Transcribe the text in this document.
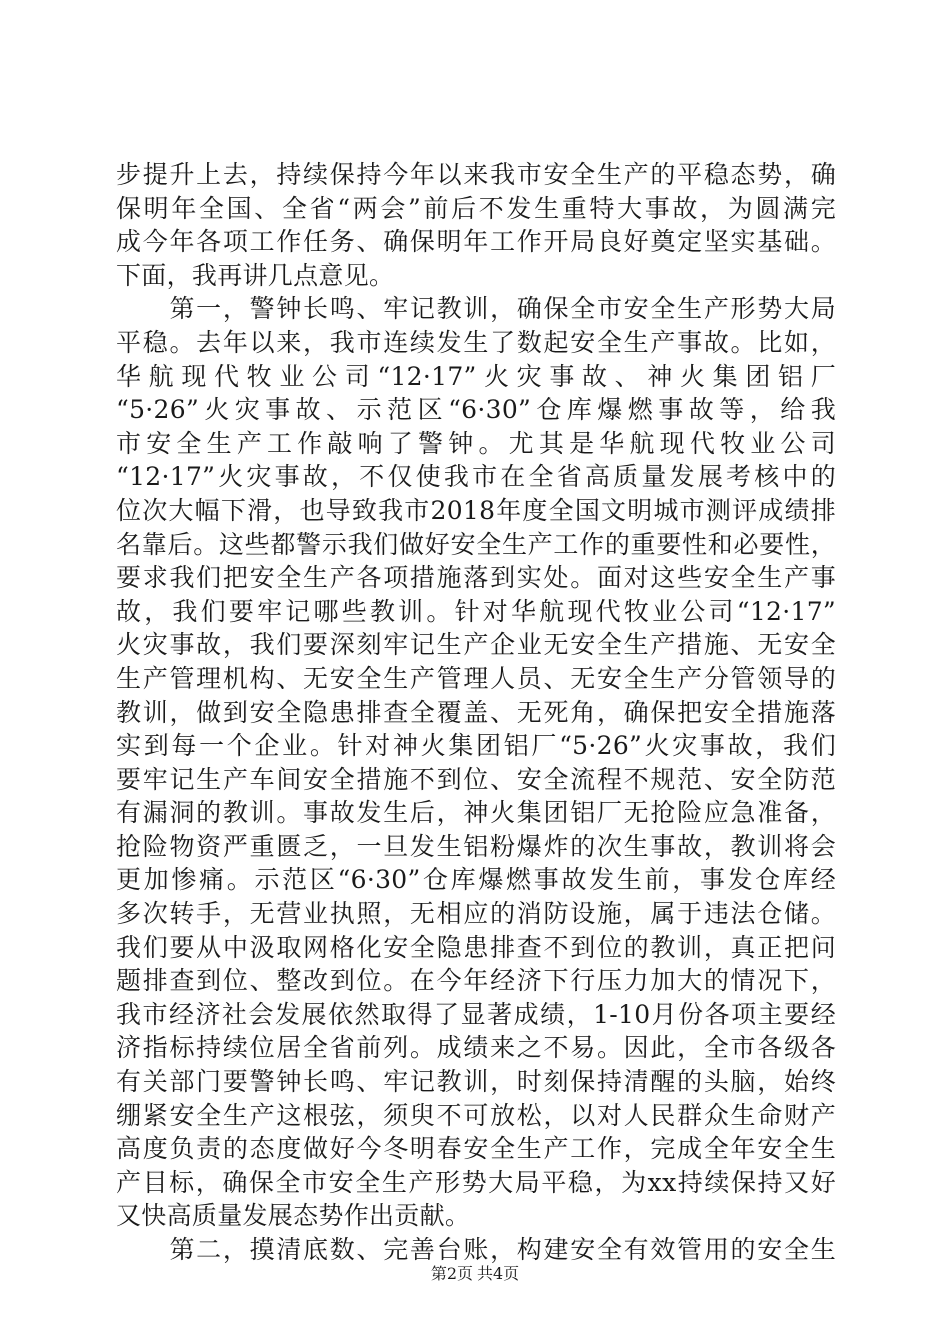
步提升上去，持续保持今年以来我市安全生产的平稳态势，确
保明年全国、全省“两会”前后不发生重特大事故，为圆满完
成今年各项工作任务、确保明年工作开局良好奠定坚实基础。
下面，我再讲几点意见。
　　第一，警钟长鸣、牢记教训，确保全市安全生产形势大局
平稳。去年以来，我市连续发生了数起安全生产事故。比如，
华航现代牧业公司“12·17”火灾事故、神火集团铝厂
“5·26”火灾事故、示范区“6·30”仓库爆燃事故等，给我
市安全生产工作敲响了警钟。尤其是华航现代牧业公司
“12·17”火灾事故，不仅使我市在全省高质量发展考核中的
位次大幅下滑，也导致我市2018年度全国文明城市测评成绩排
名靠后。这些都警示我们做好安全生产工作的重要性和必要性，
要求我们把安全生产各项措施落到实处。面对这些安全生产事
故，我们要牢记哪些教训。针对华航现代牧业公司“12·17”
火灾事故，我们要深刻牢记生产企业无安全生产措施、无安全
生产管理机构、无安全生产管理人员、无安全生产分管领导的
教训，做到安全隐患排查全覆盖、无死角，确保把安全措施落
实到每一个企业。针对神火集团铝厂“5·26”火灾事故，我们
要牢记生产车间安全措施不到位、安全流程不规范、安全防范
有漏洞的教训。事故发生后，神火集团铝厂无抢险应急准备，
抢险物资严重匮乏，一旦发生铝粉爆炸的次生事故，教训将会
更加惨痛。示范区“6·30”仓库爆燃事故发生前，事发仓库经
多次转手，无营业执照，无相应的消防设施，属于违法仓储。
我们要从中汲取网格化安全隐患排查不到位的教训，真正把问
题排查到位、整改到位。在今年经济下行压力加大的情况下，
我市经济社会发展依然取得了显著成绩，1-10月份各项主要经
济指标持续位居全省前列。成绩来之不易。因此，全市各级各
有关部门要警钟长鸣、牢记教训，时刻保持清醒的头脑，始终
绷紧安全生产这根弦，须臾不可放松，以对人民群众生命财产
高度负责的态度做好今冬明春安全生产工作，完成全年安全生
产目标，确保全市安全生产形势大局平稳，为xx持续保持又好
又快高质量发展态势作出贡献。
　　第二，摸清底数、完善台账，构建安全有效管用的安全生
第2页 共4页
